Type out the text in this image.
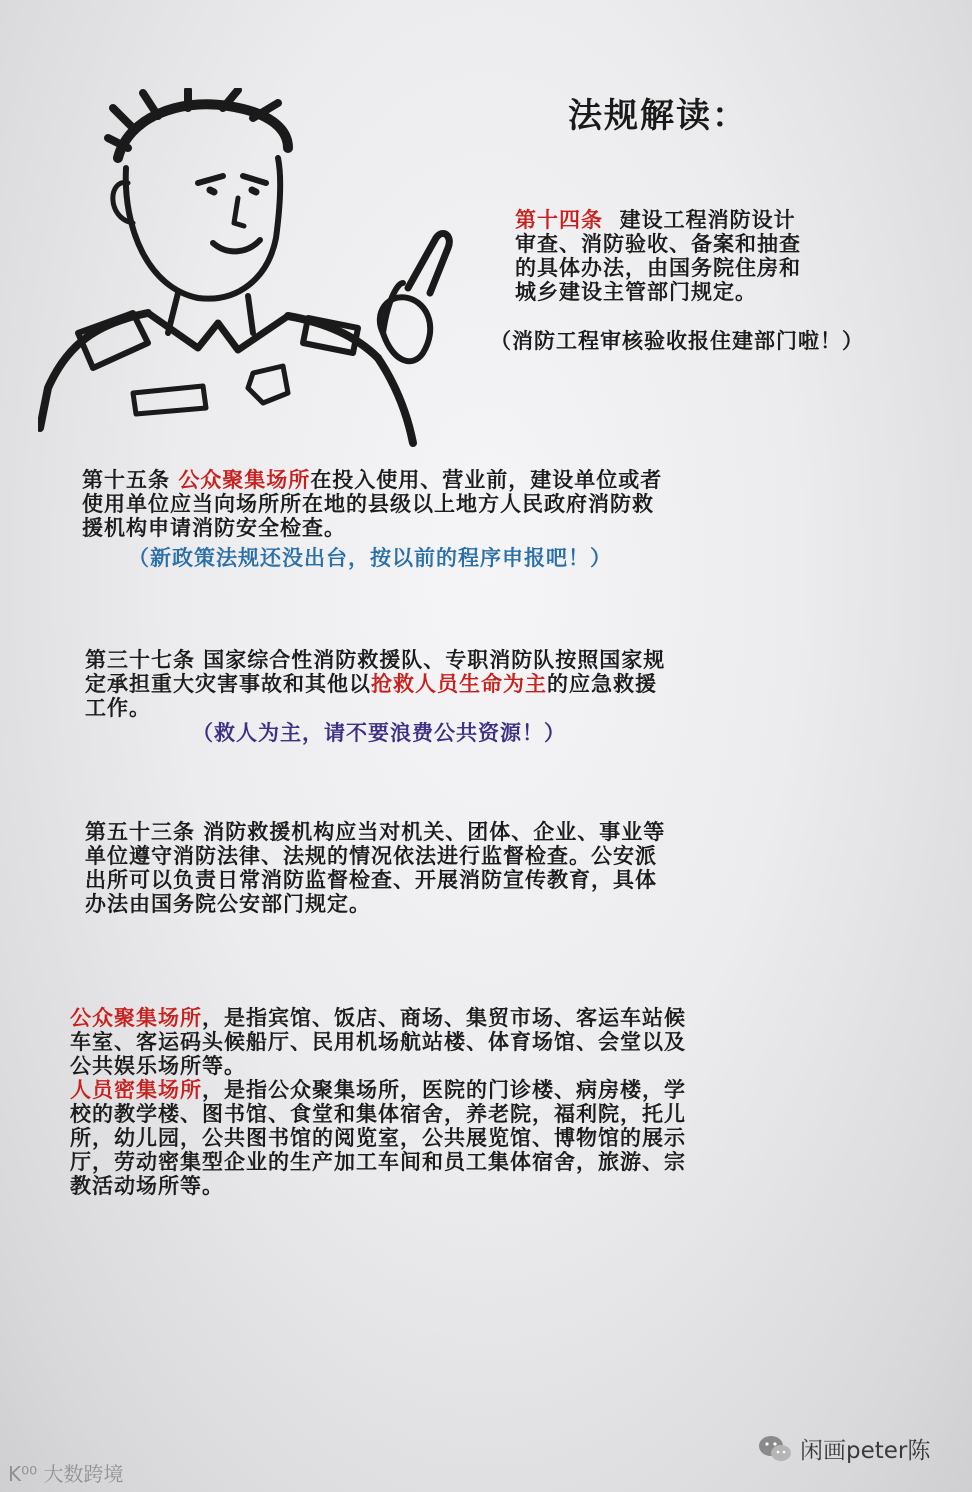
法规解读：
第十四条 建设工程消防设计
审查、消防验收、备案和抽查
的具体办法，由国务院住房和
城乡建设主管部门规定。
（消防工程审核验收报住建部门啦！）
第十五条 公众聚集场所在投入使用、营业前，建设单位或者
使用单位应当向场所所在地的县级以上地方人民政府消防救
援机构申请消防安全检查。
（新政策法规还没出台，按以前的程序申报吧！）
第三十七条 国家综合性消防救援队、专职消防队按照国家规
定承担重大灾害事故和其他以抢救人员生命为主的应急救援
工作。
（救人为主，请不要浪费公共资源！）
第五十三条 消防救援机构应当对机关、团体、企业、事业等
单位遵守消防法律、法规的情况依法进行监督检查。公安派
出所可以负责日常消防监督检查、开展消防宣传教育，具体
办法由国务院公安部门规定。
公众聚集场所，是指宾馆、饭店、商场、集贸市场、客运车站候
车室、客运码头候船厅、民用机场航站楼、体育场馆、会堂以及
公共娱乐场所等。
人员密集场所，是指公众聚集场所，医院的门诊楼、病房楼，学
校的教学楼、图书馆、食堂和集体宿舍，养老院，福利院，托儿
所，幼儿园，公共图书馆的阅览室，公共展览馆、博物馆的展示
厅，劳动密集型企业的生产加工车间和员工集体宿舍，旅游、宗
教活动场所等。
K⁰⁰ 大数跨境
闲画peter陈
